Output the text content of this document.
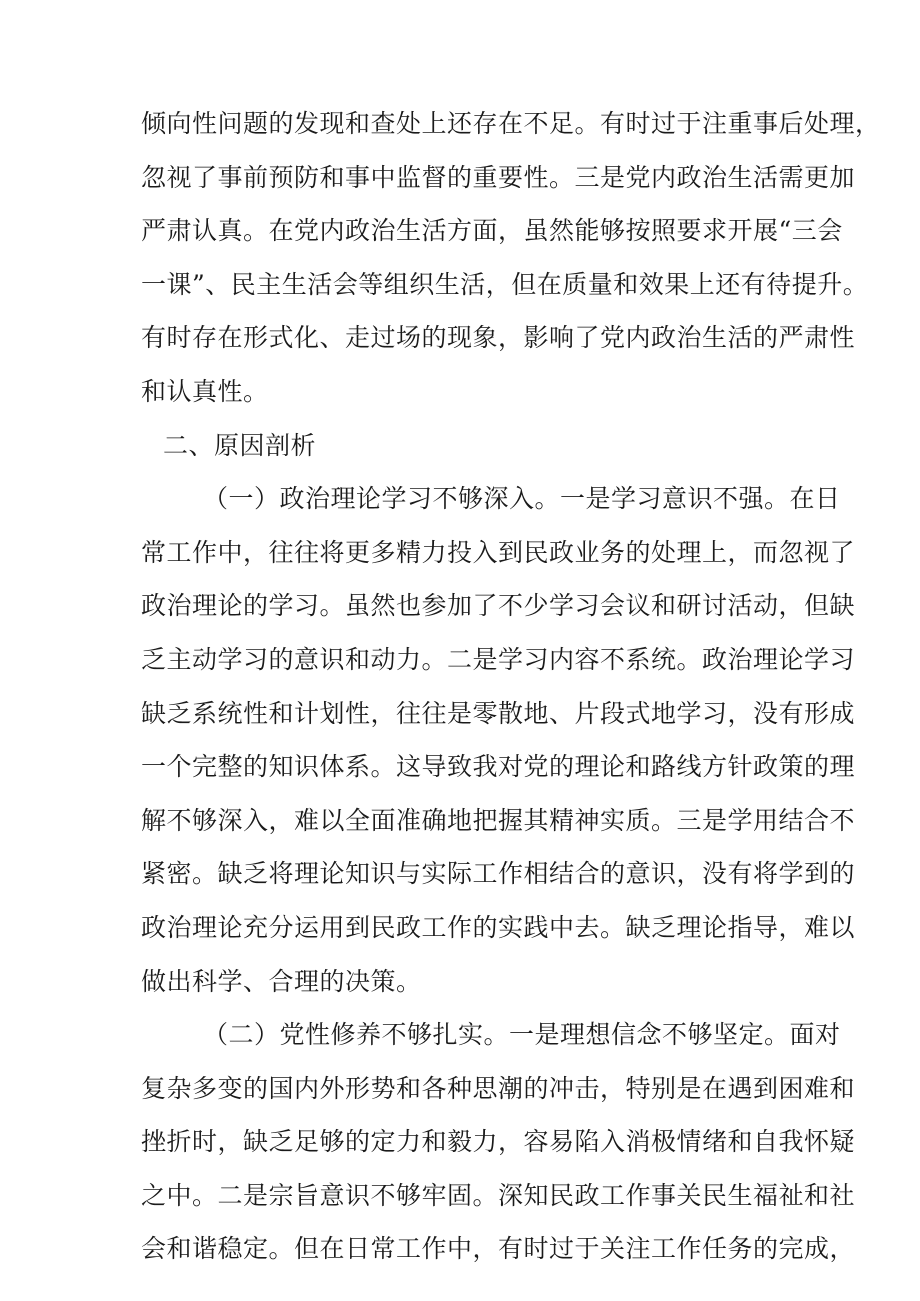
倾向性问题的发现和查处上还存在不足。有时过于注重事后处理，
忽视了事前预防和事中监督的重要性。三是党内政治生活需更加
严肃认真。在党内政治生活方面，虽然能够按照要求开展“三会
一课”、民主生活会等组织生活，但在质量和效果上还有待提升。
有时存在形式化、走过场的现象，影响了党内政治生活的严肃性
和认真性。
二、原因剖析
（一）政治理论学习不够深入。一是学习意识不强。在日
常工作中，往往将更多精力投入到民政业务的处理上，而忽视了
政治理论的学习。虽然也参加了不少学习会议和研讨活动，但缺
乏主动学习的意识和动力。二是学习内容不系统。政治理论学习
缺乏系统性和计划性，往往是零散地、片段式地学习，没有形成
一个完整的知识体系。这导致我对党的理论和路线方针政策的理
解不够深入，难以全面准确地把握其精神实质。三是学用结合不
紧密。缺乏将理论知识与实际工作相结合的意识，没有将学到的
政治理论充分运用到民政工作的实践中去。缺乏理论指导，难以
做出科学、合理的决策。
（二）党性修养不够扎实。一是理想信念不够坚定。面对
复杂多变的国内外形势和各种思潮的冲击，特别是在遇到困难和
挫折时，缺乏足够的定力和毅力，容易陷入消极情绪和自我怀疑
之中。二是宗旨意识不够牢固。深知民政工作事关民生福祉和社
会和谐稳定。但在日常工作中，有时过于关注工作任务的完成，
